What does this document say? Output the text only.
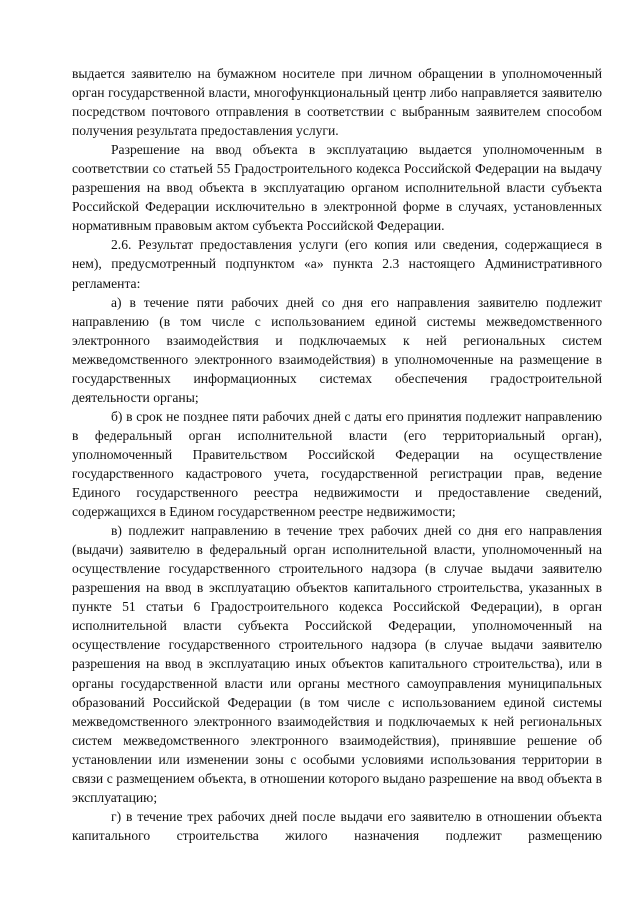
выдается заявителю на бумажном носителе при личном обращении в уполномоченный орган государственной власти, многофункциональный центр либо направляется заявителю посредством почтового отправления в соответствии с выбранным заявителем способом получения результата предоставления услуги.

Разрешение на ввод объекта в эксплуатацию выдается уполномоченным в соответствии со статьей 55 Градостроительного кодекса Российской Федерации на выдачу разрешения на ввод объекта в эксплуатацию органом исполнительной власти субъекта Российской Федерации исключительно в электронной форме в случаях, установленных нормативным правовым актом субъекта Российской Федерации.

2.6. Результат предоставления услуги (его копия или сведения, содержащиеся в нем), предусмотренный подпунктом «а» пункта 2.3 настоящего Административного регламента:

а) в течение пяти рабочих дней со дня его направления заявителю подлежит направлению (в том числе с использованием единой системы межведомственного электронного взаимодействия и подключаемых к ней региональных систем межведомственного электронного взаимодействия) в уполномоченные на размещение в государственных информационных системах обеспечения градостроительной деятельности органы;

б) в срок не позднее пяти рабочих дней с даты его принятия подлежит направлению в федеральный орган исполнительной власти (его территориальный орган), уполномоченный Правительством Российской Федерации на осуществление государственного кадастрового учета, государственной регистрации прав, ведение Единого государственного реестра недвижимости и предоставление сведений, содержащихся в Едином государственном реестре недвижимости;

в) подлежит направлению в течение трех рабочих дней со дня его направления (выдачи) заявителю в федеральный орган исполнительной власти, уполномоченный на осуществление государственного строительного надзора (в случае выдачи заявителю разрешения на ввод в эксплуатацию объектов капитального строительства, указанных в пункте 51 статьи 6 Градостроительного кодекса Российской Федерации), в орган исполнительной власти субъекта Российской Федерации, уполномоченный на осуществление государственного строительного надзора (в случае выдачи заявителю разрешения на ввод в эксплуатацию иных объектов капитального строительства), или в органы государственной власти или органы местного самоуправления муниципальных образований Российской Федерации (в том числе с использованием единой системы межведомственного электронного взаимодействия и подключаемых к ней региональных систем межведомственного электронного взаимодействия), принявшие решение об установлении или изменении зоны с особыми условиями использования территории в связи с размещением объекта, в отношении которого выдано разрешение на ввод объекта в эксплуатацию;

г) в течение трех рабочих дней после выдачи его заявителю в отношении объекта капитального строительства жилого назначения подлежит размещению
